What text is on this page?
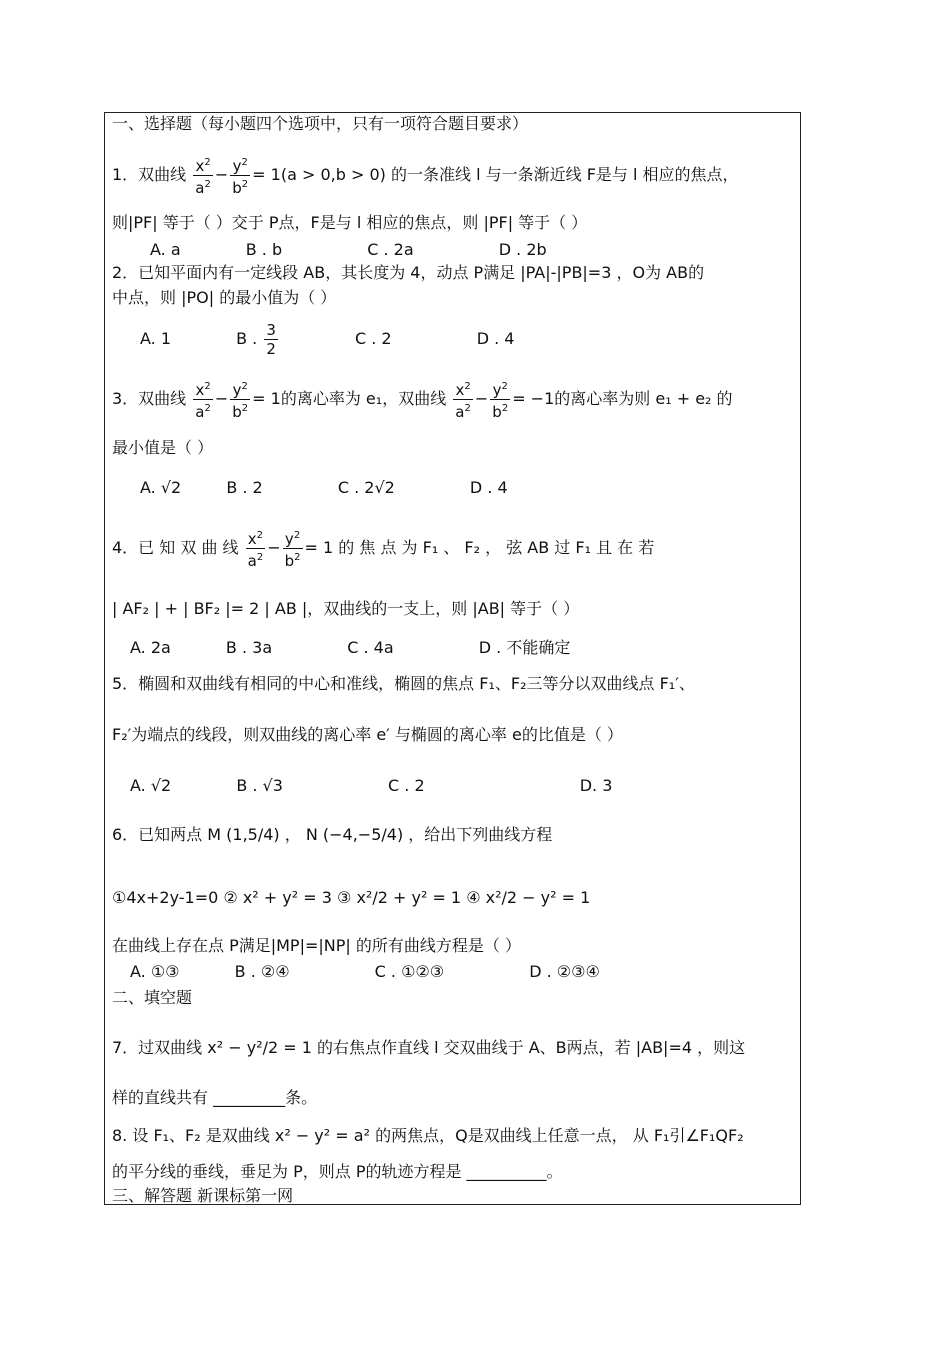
一、选择题（每小题四个选项中，只有一项符合题目要求）
1．双曲线 $\frac{x^2}{a^2} - \frac{y^2}{b^2} = 1(a > 0,b > 0)$ 的一条准线 l 与一条渐近线 F是与 l 相应的焦点，
则|PF| 等于（ ）交于 P点，F是与 l 相应的焦点，则 |PF| 等于（ ）
A. a	B . b	C . 2a	D . 2b
2．已知平面内有一定线段 AB，其长度为 4，动点 P满足 |PA|-|PB|=3 ，O为 AB的
中点，则 |PO| 的最小值为（ ）
A. 1	B . $\frac{3}{2}$	C . 2	D . 4
3．双曲线 $\frac{x^2}{a^2} - \frac{y^2}{b^2} = 1$的离心率为 e₁，双曲线 $\frac{x^2}{a^2} - \frac{y^2}{b^2} = -1$的离心率为则 e₁ + e₂ 的
最小值是（ ）
A. √2	B . 2	C . 2√2	D . 4
4．已 知 双 曲 线 $\frac{x^2}{a^2} - \frac{y^2}{b^2} = 1$ 的 焦 点 为 F₁ 、 F₂ ， 弦 AB 过 F₁ 且 在 若
| AF₂ | + | BF₂ |= 2 | AB |，双曲线的一支上，则 |AB| 等于（ ）
A. 2a	B . 3a	C . 4a	D . 不能确定
5．椭圆和双曲线有相同的中心和准线，椭圆的焦点 F₁、F₂三等分以双曲线点 F₁′、
F₂′为端点的线段，则双曲线的离心率 e′ 与椭圆的离心率 e的比值是（ ）
A. √2	B . √3	C . 2	D. 3
6．已知两点 M (1,5/4) ， N (−4,−5/4) ，给出下列曲线方程
①4x+2y-1=0 ② x² + y² = 3 ③ x²/2 + y² = 1 ④ x²/2 − y² = 1
在曲线上存在点 P满足|MP|=|NP| 的所有曲线方程是（ ）
A. ①③	B . ②④	C . ①②③	D . ②③④
二、填空题
7．过双曲线 x² − y²/2 = 1 的右焦点作直线 l 交双曲线于 A、B两点，若 |AB|=4 ，则这
样的直线共有 _________条。
8. 设 F₁、F₂ 是双曲线 x² − y² = a² 的两焦点，Q是双曲线上任意一点， 从 F₁引∠F₁QF₂
的平分线的垂线，垂足为 P，则点 P的轨迹方程是 __________。
三、解答题 新课标第一网
